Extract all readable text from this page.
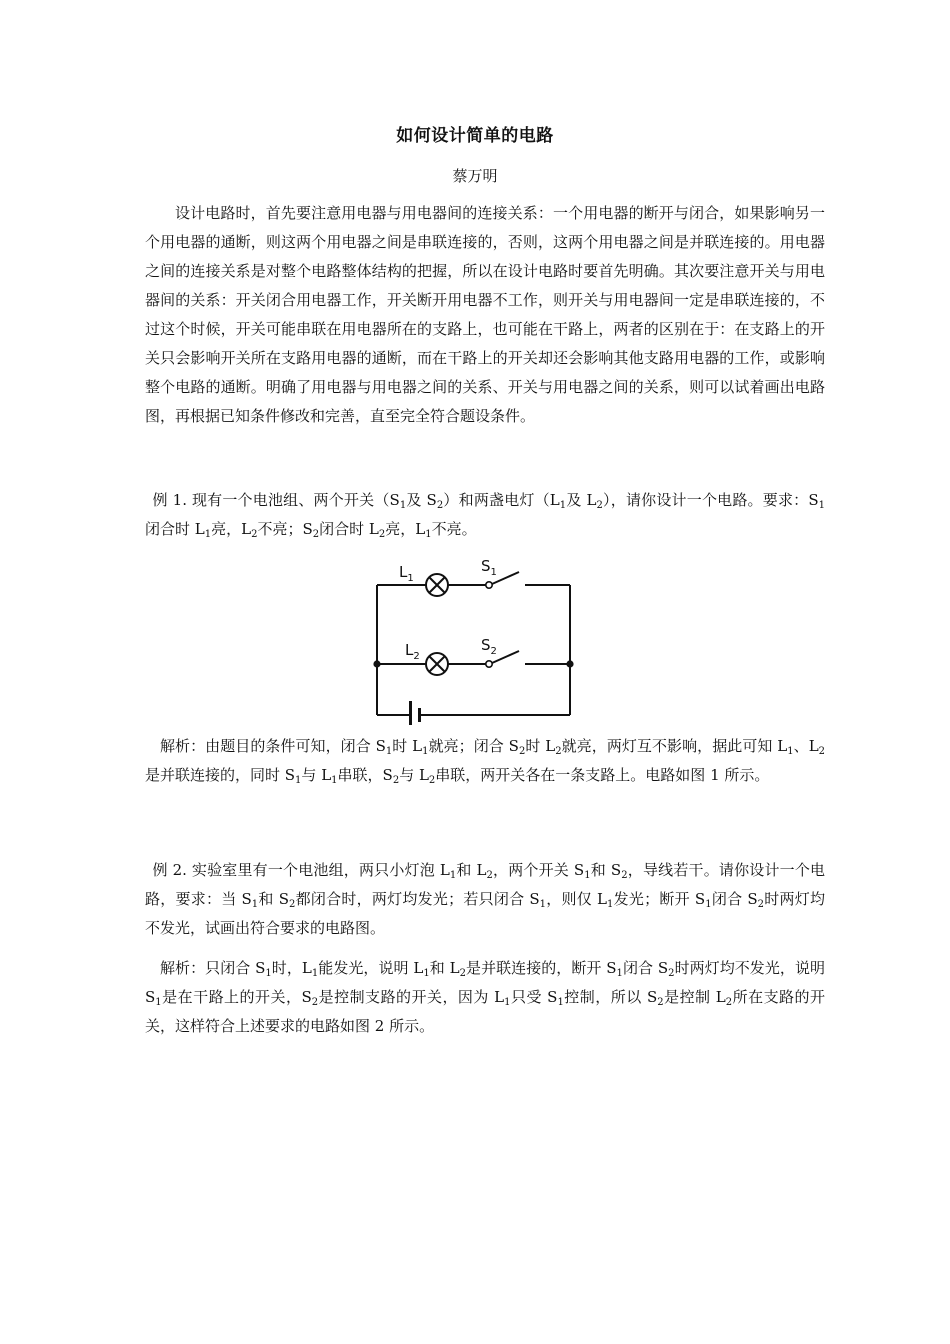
如何设计简单的电路
蔡万明

设计电路时，首先要注意用电器与用电器间的连接关系：一个用电器的断开与闭合，如果影响另一个用电器的通断，则这两个用电器之间是串联连接的，否则，这两个用电器之间是并联连接的。用电器之间的连接关系是对整个电路整体结构的把握，所以在设计电路时要首先明确。其次要注意开关与用电器间的关系：开关闭合用电器工作，开关断开用电器不工作，则开关与用电器间一定是串联连接的，不过这个时候，开关可能串联在用电器所在的支路上，也可能在干路上，两者的区别在于：在支路上的开关只会影响开关所在支路用电器的通断，而在干路上的开关却还会影响其他支路用电器的工作，或影响整个电路的通断。明确了用电器与用电器之间的关系、开关与用电器之间的关系，则可以试着画出电路图，再根据已知条件修改和完善，直至完全符合题设条件。

例 1. 现有一个电池组、两个开关（$S_1$及 $S_2$）和两盏电灯（$L_1$及 $L_2$），请你设计一个电路。要求：$S_1$闭合时 $L_1$亮，$L_2$不亮；$S_2$闭合时 $L_2$亮，$L_1$不亮。

$L_1$
$S_1$
$L_2$
$S_2$

解析：由题目的条件可知，闭合 $S_1$时 $L_1$就亮；闭合 $S_2$时 $L_2$就亮，两灯互不影响，据此可知 $L_1$、$L_2$是并联连接的，同时 $S_1$与 $L_1$串联，$S_2$与 $L_2$串联，两开关各在一条支路上。电路如图 1 所示。

例 2. 实验室里有一个电池组，两只小灯泡 $L_1$和 $L_2$，两个开关 $S_1$和 $S_2$，导线若干。请你设计一个电路，要求：当 $S_1$和 $S_2$都闭合时，两灯均发光；若只闭合 $S_1$，则仅 $L_1$发光；断开 $S_1$闭合 $S_2$时两灯均不发光，试画出符合要求的电路图。

解析：只闭合 $S_1$时，$L_1$能发光，说明 $L_1$和 $L_2$是并联连接的，断开 $S_1$闭合 $S_2$时两灯均不发光，说明 $S_1$是在干路上的开关，$S_2$是控制支路的开关，因为 $L_1$只受 $S_1$控制，所以 $S_2$是控制 $L_2$所在支路的开关，这样符合上述要求的电路如图 2 所示。
